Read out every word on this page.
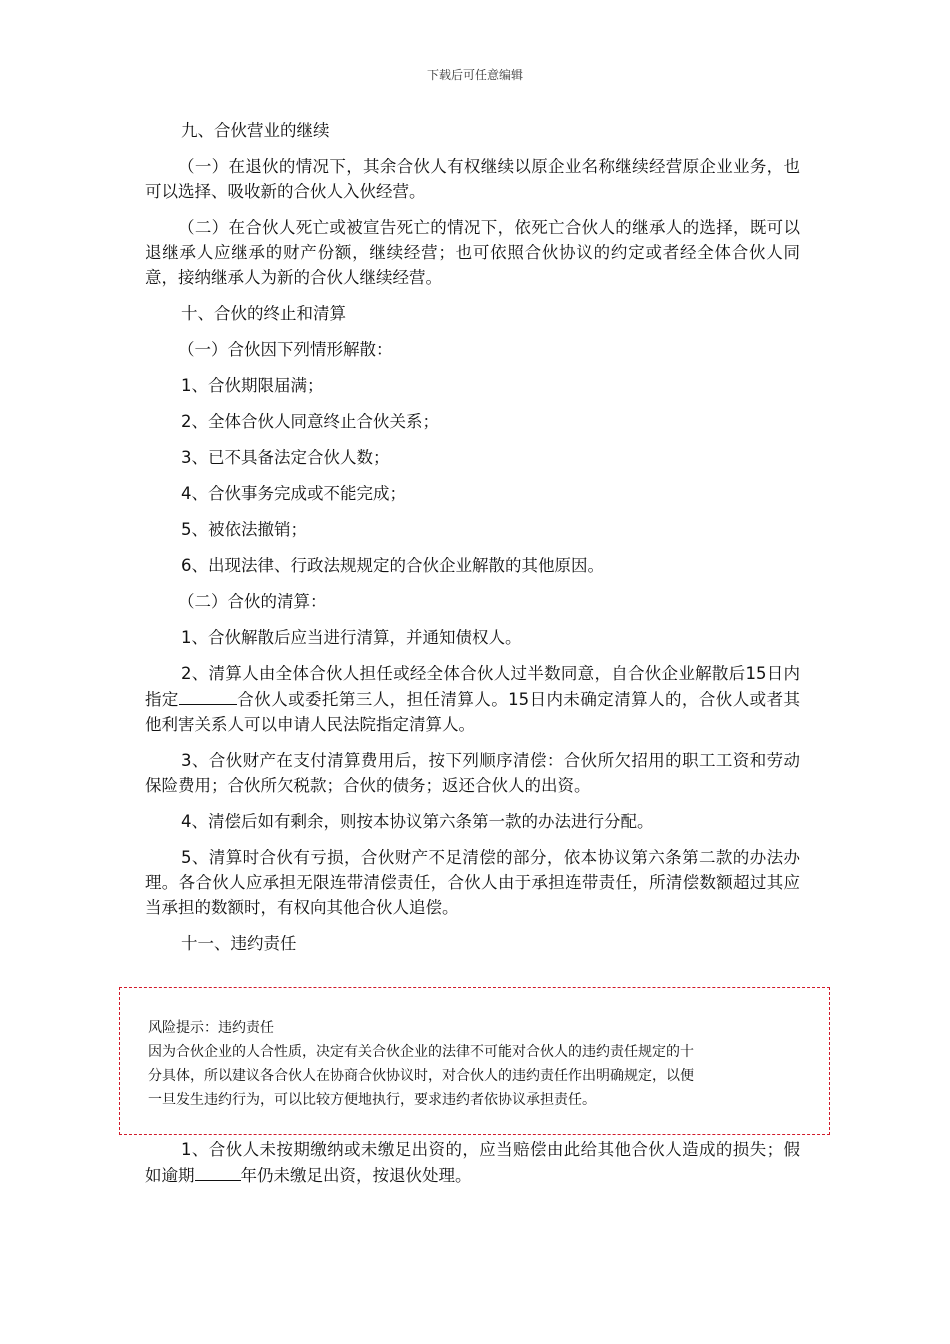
下载后可任意编辑

九、合伙营业的继续

（一）在退伙的情况下，其余合伙人有权继续以原企业名称继续经营原企业业务，也可以选择、吸收新的合伙人入伙经营。

（二）在合伙人死亡或被宣告死亡的情况下，依死亡合伙人的继承人的选择，既可以退继承人应继承的财产份额，继续经营；也可依照合伙协议的约定或者经全体合伙人同意，接纳继承人为新的合伙人继续经营。

十、合伙的终止和清算

（一）合伙因下列情形解散：

1、合伙期限届满；

2、全体合伙人同意终止合伙关系；

3、已不具备法定合伙人数；

4、合伙事务完成或不能完成；

5、被依法撤销；

6、出现法律、行政法规规定的合伙企业解散的其他原因。

（二）合伙的清算：

1、合伙解散后应当进行清算，并通知债权人。

2、清算人由全体合伙人担任或经全体合伙人过半数同意，自合伙企业解散后15日内指定	合伙人或委托第三人，担任清算人。15日内未确定清算人的，合伙人或者其他利害关系人可以申请人民法院指定清算人。

3、合伙财产在支付清算费用后，按下列顺序清偿：合伙所欠招用的职工工资和劳动保险费用；合伙所欠税款；合伙的债务；返还合伙人的出资。

4、清偿后如有剩余，则按本协议第六条第一款的办法进行分配。

5、清算时合伙有亏损，合伙财产不足清偿的部分，依本协议第六条第二款的办法办理。各合伙人应承担无限连带清偿责任，合伙人由于承担连带责任，所清偿数额超过其应当承担的数额时，有权向其他合伙人追偿。

十一、违约责任

风险提示：违约责任
因为合伙企业的人合性质，决定有关合伙企业的法律不可能对合伙人的违约责任规定的十
分具体，所以建议各合伙人在协商合伙协议时，对合伙人的违约责任作出明确规定，以便
一旦发生违约行为，可以比较方便地执行，要求违约者依协议承担责任。

1、合伙人未按期缴纳或未缴足出资的，应当赔偿由此给其他合伙人造成的损失；假如逾期	年仍未缴足出资，按退伙处理。
